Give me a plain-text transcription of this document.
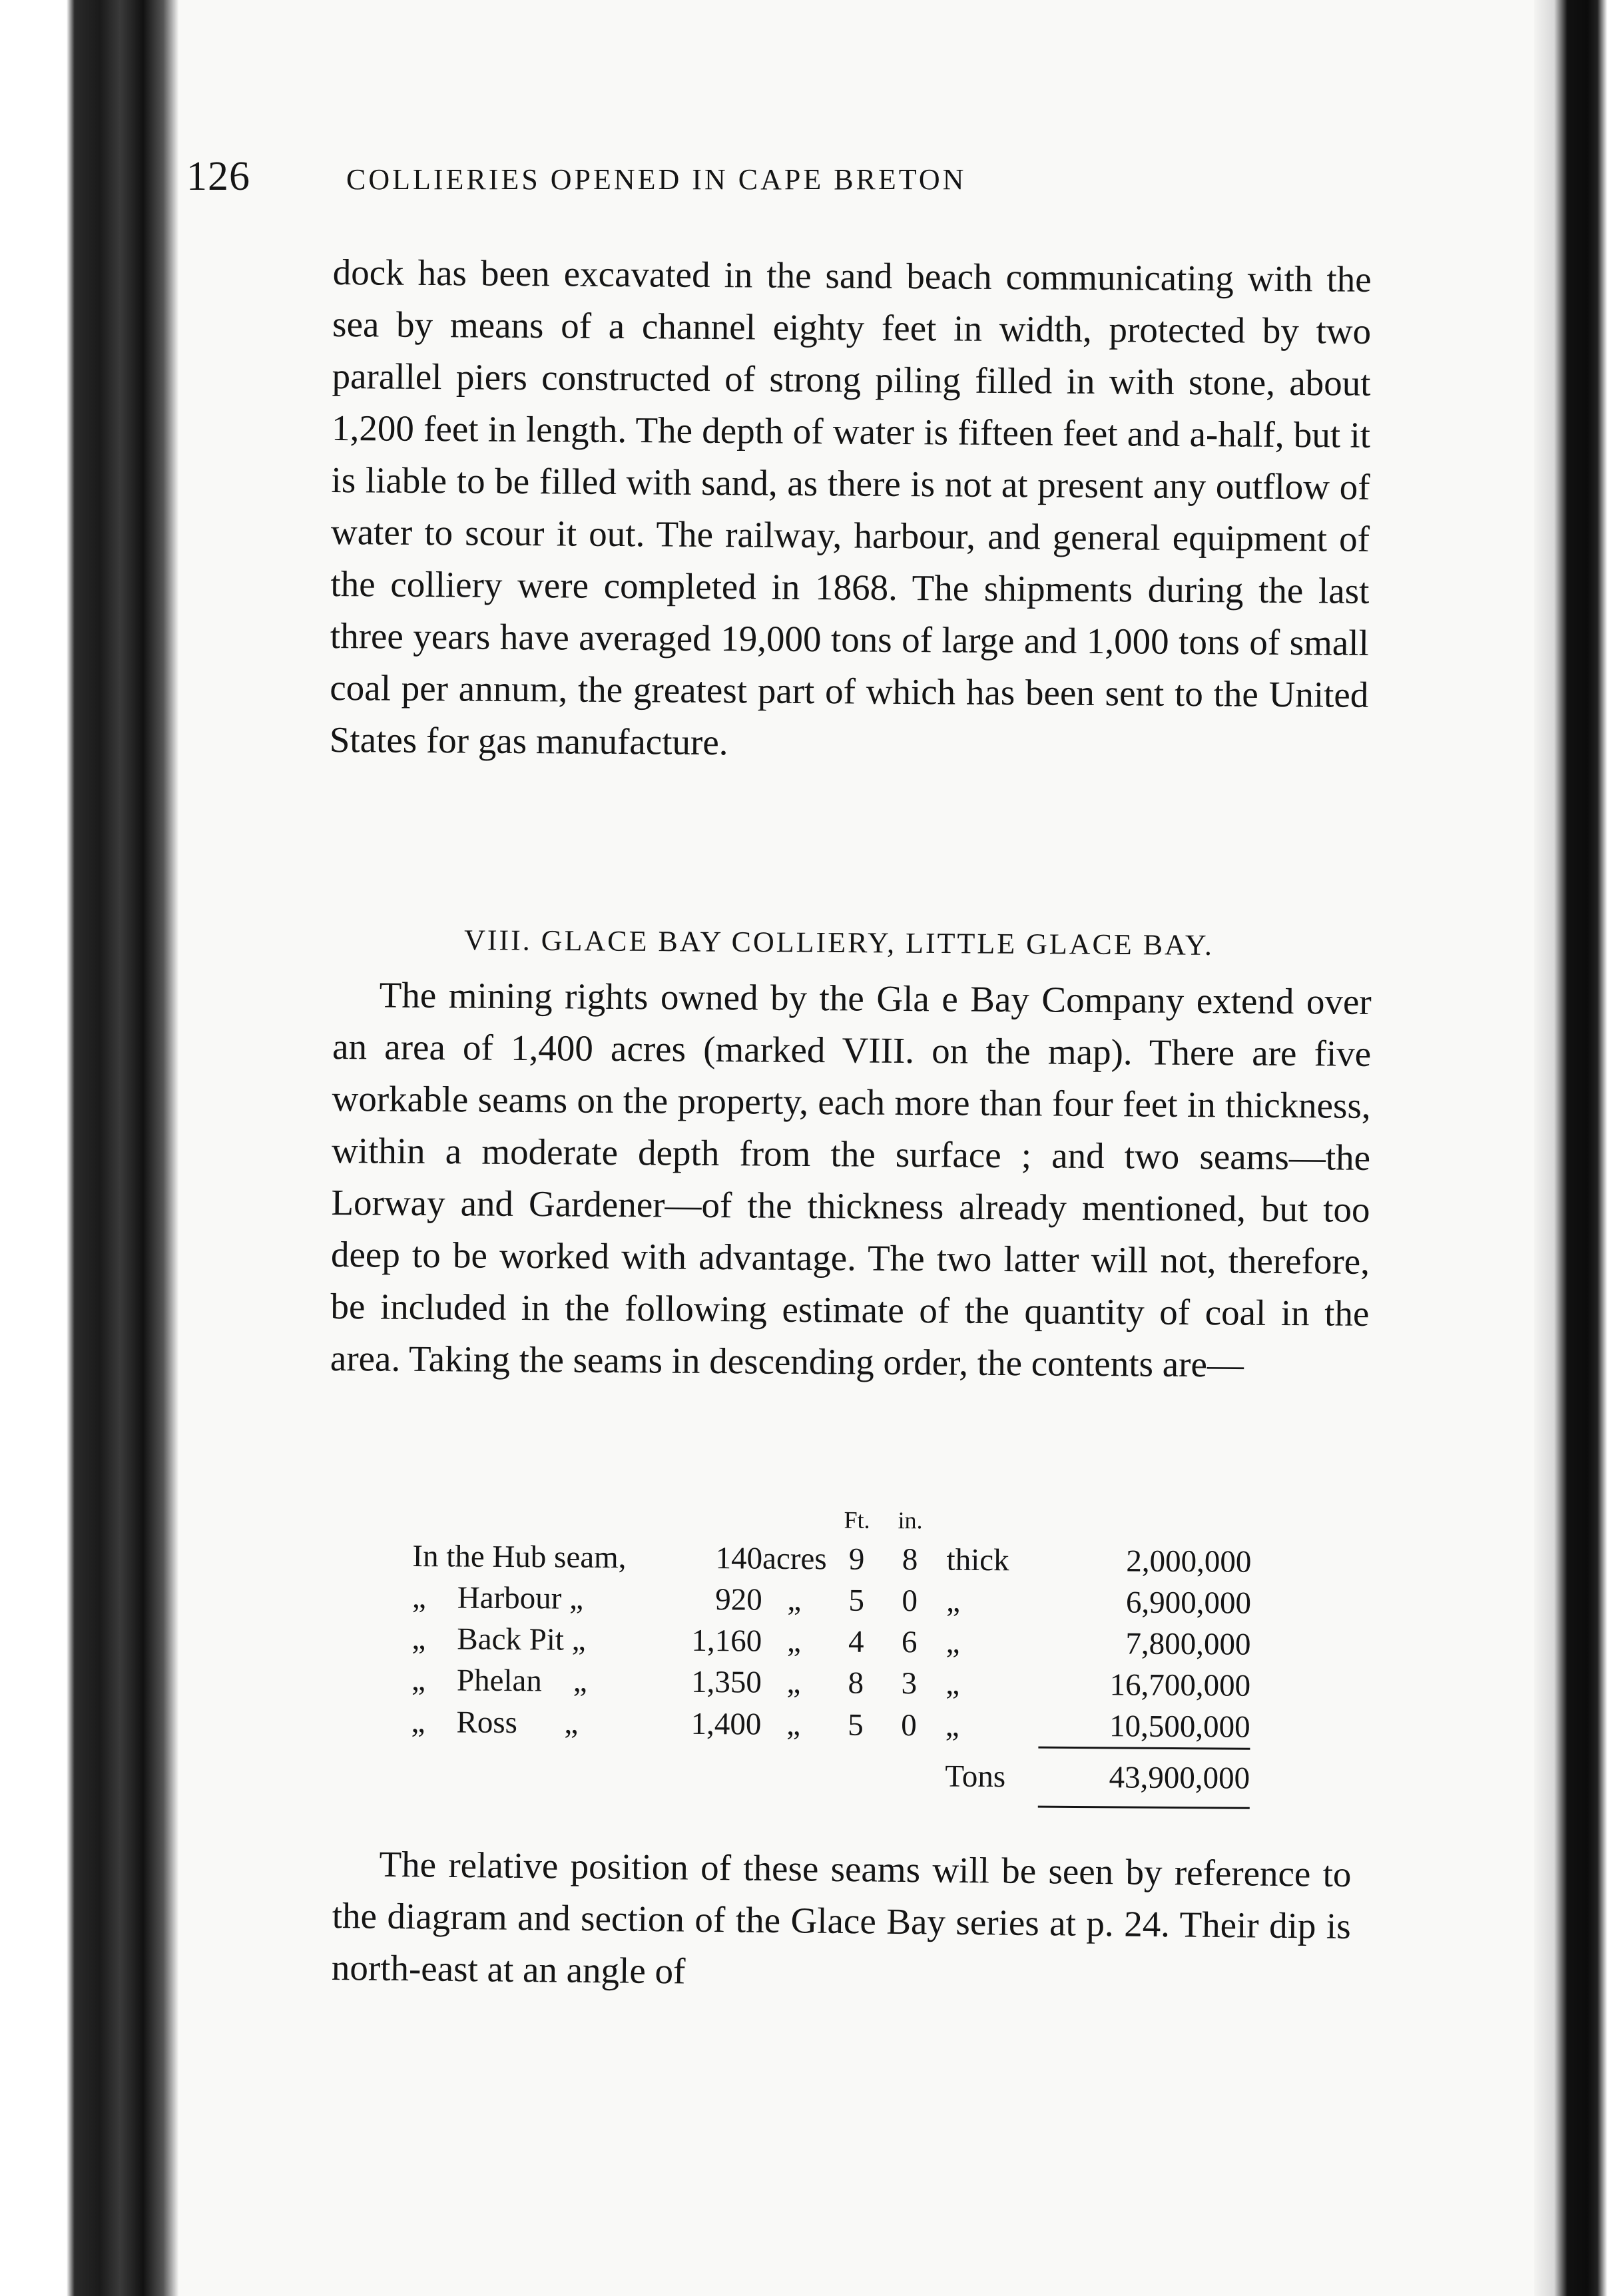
126	COLLIERIES OPENED IN CAPE BRETON

dock has been excavated in the sand beach communicating with the sea by means of a channel eighty feet in width, protected by two parallel piers constructed of strong piling filled in with stone, about 1,200 feet in length. The depth of water is fifteen feet and a-half, but it is liable to be filled with sand, as there is not at present any outflow of water to scour it out. The railway, harbour, and general equipment of the colliery were completed in 1868. The shipments during the last three years have averaged 19,000 tons of large and 1,000 tons of small coal per annum, the greatest part of which has been sent to the United States for gas manufacture.

VIII. GLACE BAY COLLIERY, LITTLE GLACE BAY.

The mining rights owned by the Gla e Bay Company extend over an area of 1,400 acres (marked VIII. on the map). There are five workable seams on the property, each more than four feet in thickness, within a moderate depth from the surface ; and two seams—the Lorway and Gardener—of the thickness already mentioned, but too deep to be worked with advantage. The two latter will not, therefore, be included in the following estimate of the quantity of coal in the area. Taking the seams in descending order, the contents are—

			Ft.	in.		
In the Hub seam,	140	acres	9	8	thick	2,000,000
„    Harbour „	920	„	5	0	„	6,900,000
„    Back Pit „	1,160	„	4	6	„	7,800,000
„    Phelan    „	1,350	„	8	3	„	16,700,000
„    Ross      „	1,400	„	5	0	„	10,500,000
					Tons	43,900,000

The relative position of these seams will be seen by reference to the diagram and section of the Glace Bay series at p. 24. Their dip is north-east at an angle of
